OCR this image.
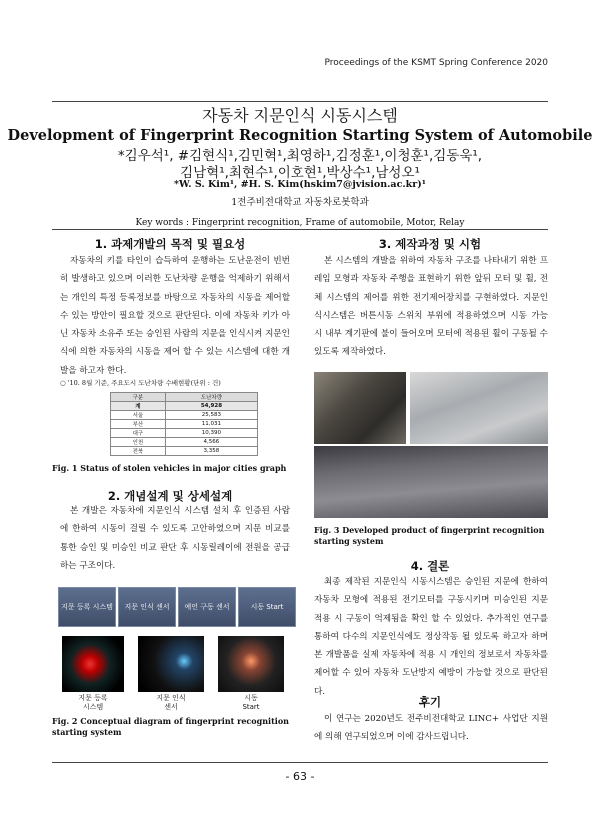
Proceedings of the KSMT Spring Conference 2020
자동차 지문인식 시동시스템
Development of Fingerprint Recognition Starting System of Automobile
*김우석¹, #김현식¹,김민혁¹,최영하¹,김정훈¹,이청훈¹,김동욱¹,
김남혁¹,최현수¹,이호현¹,박상수¹,남성오¹
*W. S. Kim¹, #H. S. Kim(hskim7@jvision.ac.kr)¹
1전주비전대학교 자동차로봇학과
Key words : Fingerprint recognition, Frame of automobile, Motor, Relay
1. 과제개발의 목적 및 필요성
자동차의 키를 타인이 습득하여 운행하는 도난운전이 빈번히 발생하고 있으며 이러한 도난차량 운행을 억제하기 위해서는 개인의 특정 등록정보를 바탕으로 자동차의 시동을 제어할 수 있는 방안이 필요할 것으로 판단된다. 이에 자동차 키가 아닌 자동차 소유주 또는 승인된 사람의 지문을 인식시켜 지문인식에 의한 자동차의 시동을 제어 할 수 있는 시스템에 대한 개발을 하고자 한다.
○ '10. 8월 기준, 주요도시 도난차량 수배현황(단위 : 건)
구분	도난차량
계	54,928
서울	25,583
부산	11,031
대구	10,390
인천	4,566
전북	3,358
Fig. 1 Status of stolen vehicles in major cities graph
2. 개념설계 및 상세설계
본 개발은 자동차에 지문인식 시스템 설치 후 인증된 사람에 한하여 시동이 걸릴 수 있도록 고안하였으며 지문 비교를 통한 승인 및 미승인 비교 판단 후 시동릴레이에 전원을 공급하는 구조이다.
지문 등록 시스템	지문 인식 센서	예언 구동 센서	시동 Start
지문 등록
시스템
지문 인식
센서
시동
Start
Fig. 2 Conceptual diagram of fingerprint recognition starting system
3. 제작과정 및 시험
본 시스템의 개발을 위하여 자동차 구조를 나타내기 위한 프레임 모형과 자동차 주행을 표현하기 위한 앞뒤 모터 및 휠, 전체 시스템의 제어를 위한 전기제어장치를 구현하였다. 지문인식시스템은 버튼시동 스위치 부위에 적용하였으며 시동 가능 시 내부 계기판에 불이 들어오며 모터에 적용된 휠이 구동될 수 있도록 제작하였다.
Fig. 3 Developed product of fingerprint recognition starting system
4. 결론
최종 제작된 지문인식 시동시스템은 승인된 지문에 한하여 자동차 모형에 적용된 전기모터를 구동시키며 미승인된 지문 적용 시 구동이 억제됨을 확인 할 수 있었다. 추가적인 연구를 통하여 다수의 지문인식에도 정상작동 될 있도록 하고자 하며 본 개발품을 실제 자동차에 적용 시 개인의 정보로서 자동차를 제어할 수 있어 자동차 도난방지 예방이 가능할 것으로 판단된다.
후기
이 연구는 2020년도 전주비전대학교 LINC+ 사업단 지원에 의해 연구되었으며 이에 감사드립니다.
- 63 -
